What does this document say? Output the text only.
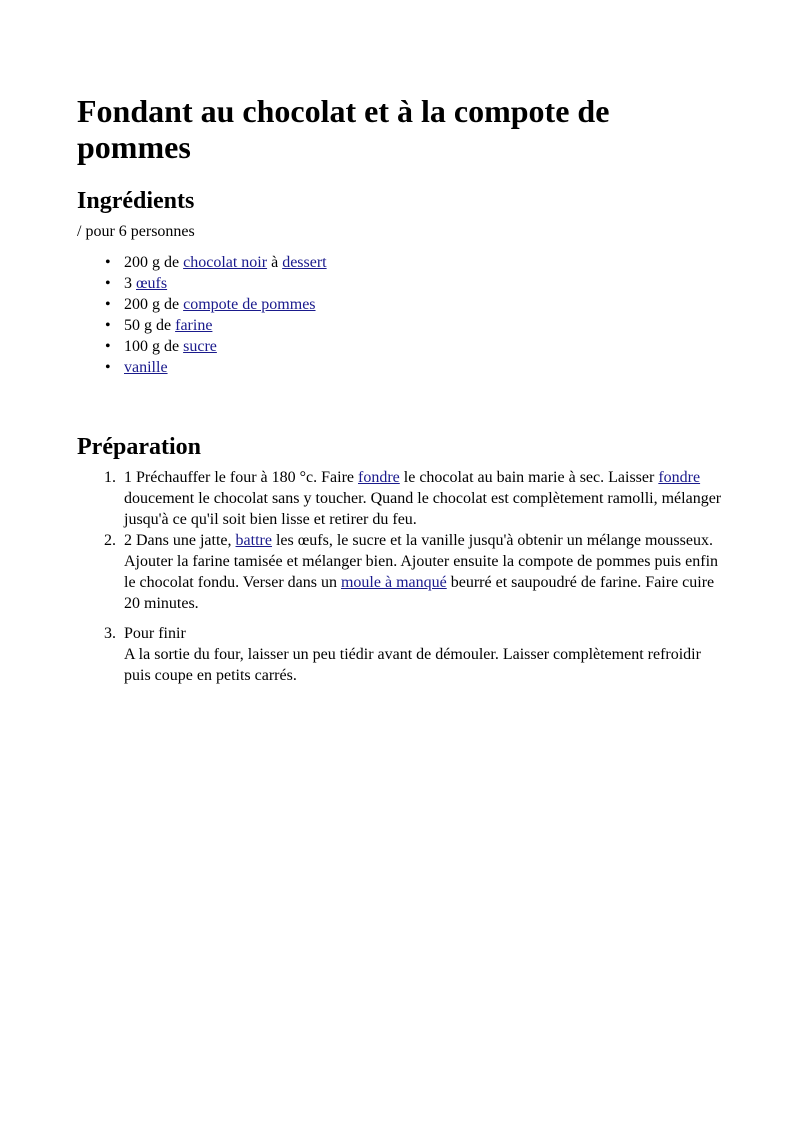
Fondant au chocolat et à la compote de pommes
Ingrédients

/ pour 6 personnes

• 200 g de chocolat noir à dessert
• 3 œufs
• 200 g de compote de pommes
• 50 g de farine
• 100 g de sucre
• vanille
Préparation
1. 1 Préchauffer le four à 180 °c. Faire fondre le chocolat au bain marie à sec. Laisser fondre doucement le chocolat sans y toucher. Quand le chocolat est complètement ramolli, mélanger jusqu'à ce qu'il soit bien lisse et retirer du feu.
2. 2 Dans une jatte, battre les œufs, le sucre et la vanille jusqu'à obtenir un mélange mousseux. Ajouter la farine tamisée et mélanger bien. Ajouter ensuite la compote de pommes puis enfin le chocolat fondu. Verser dans un moule à manqué beurré et saupoudré de farine. Faire cuire 20 minutes.
3. Pour finir
A la sortie du four, laisser un peu tiédir avant de démouler. Laisser complètement refroidir puis coupe en petits carrés.
